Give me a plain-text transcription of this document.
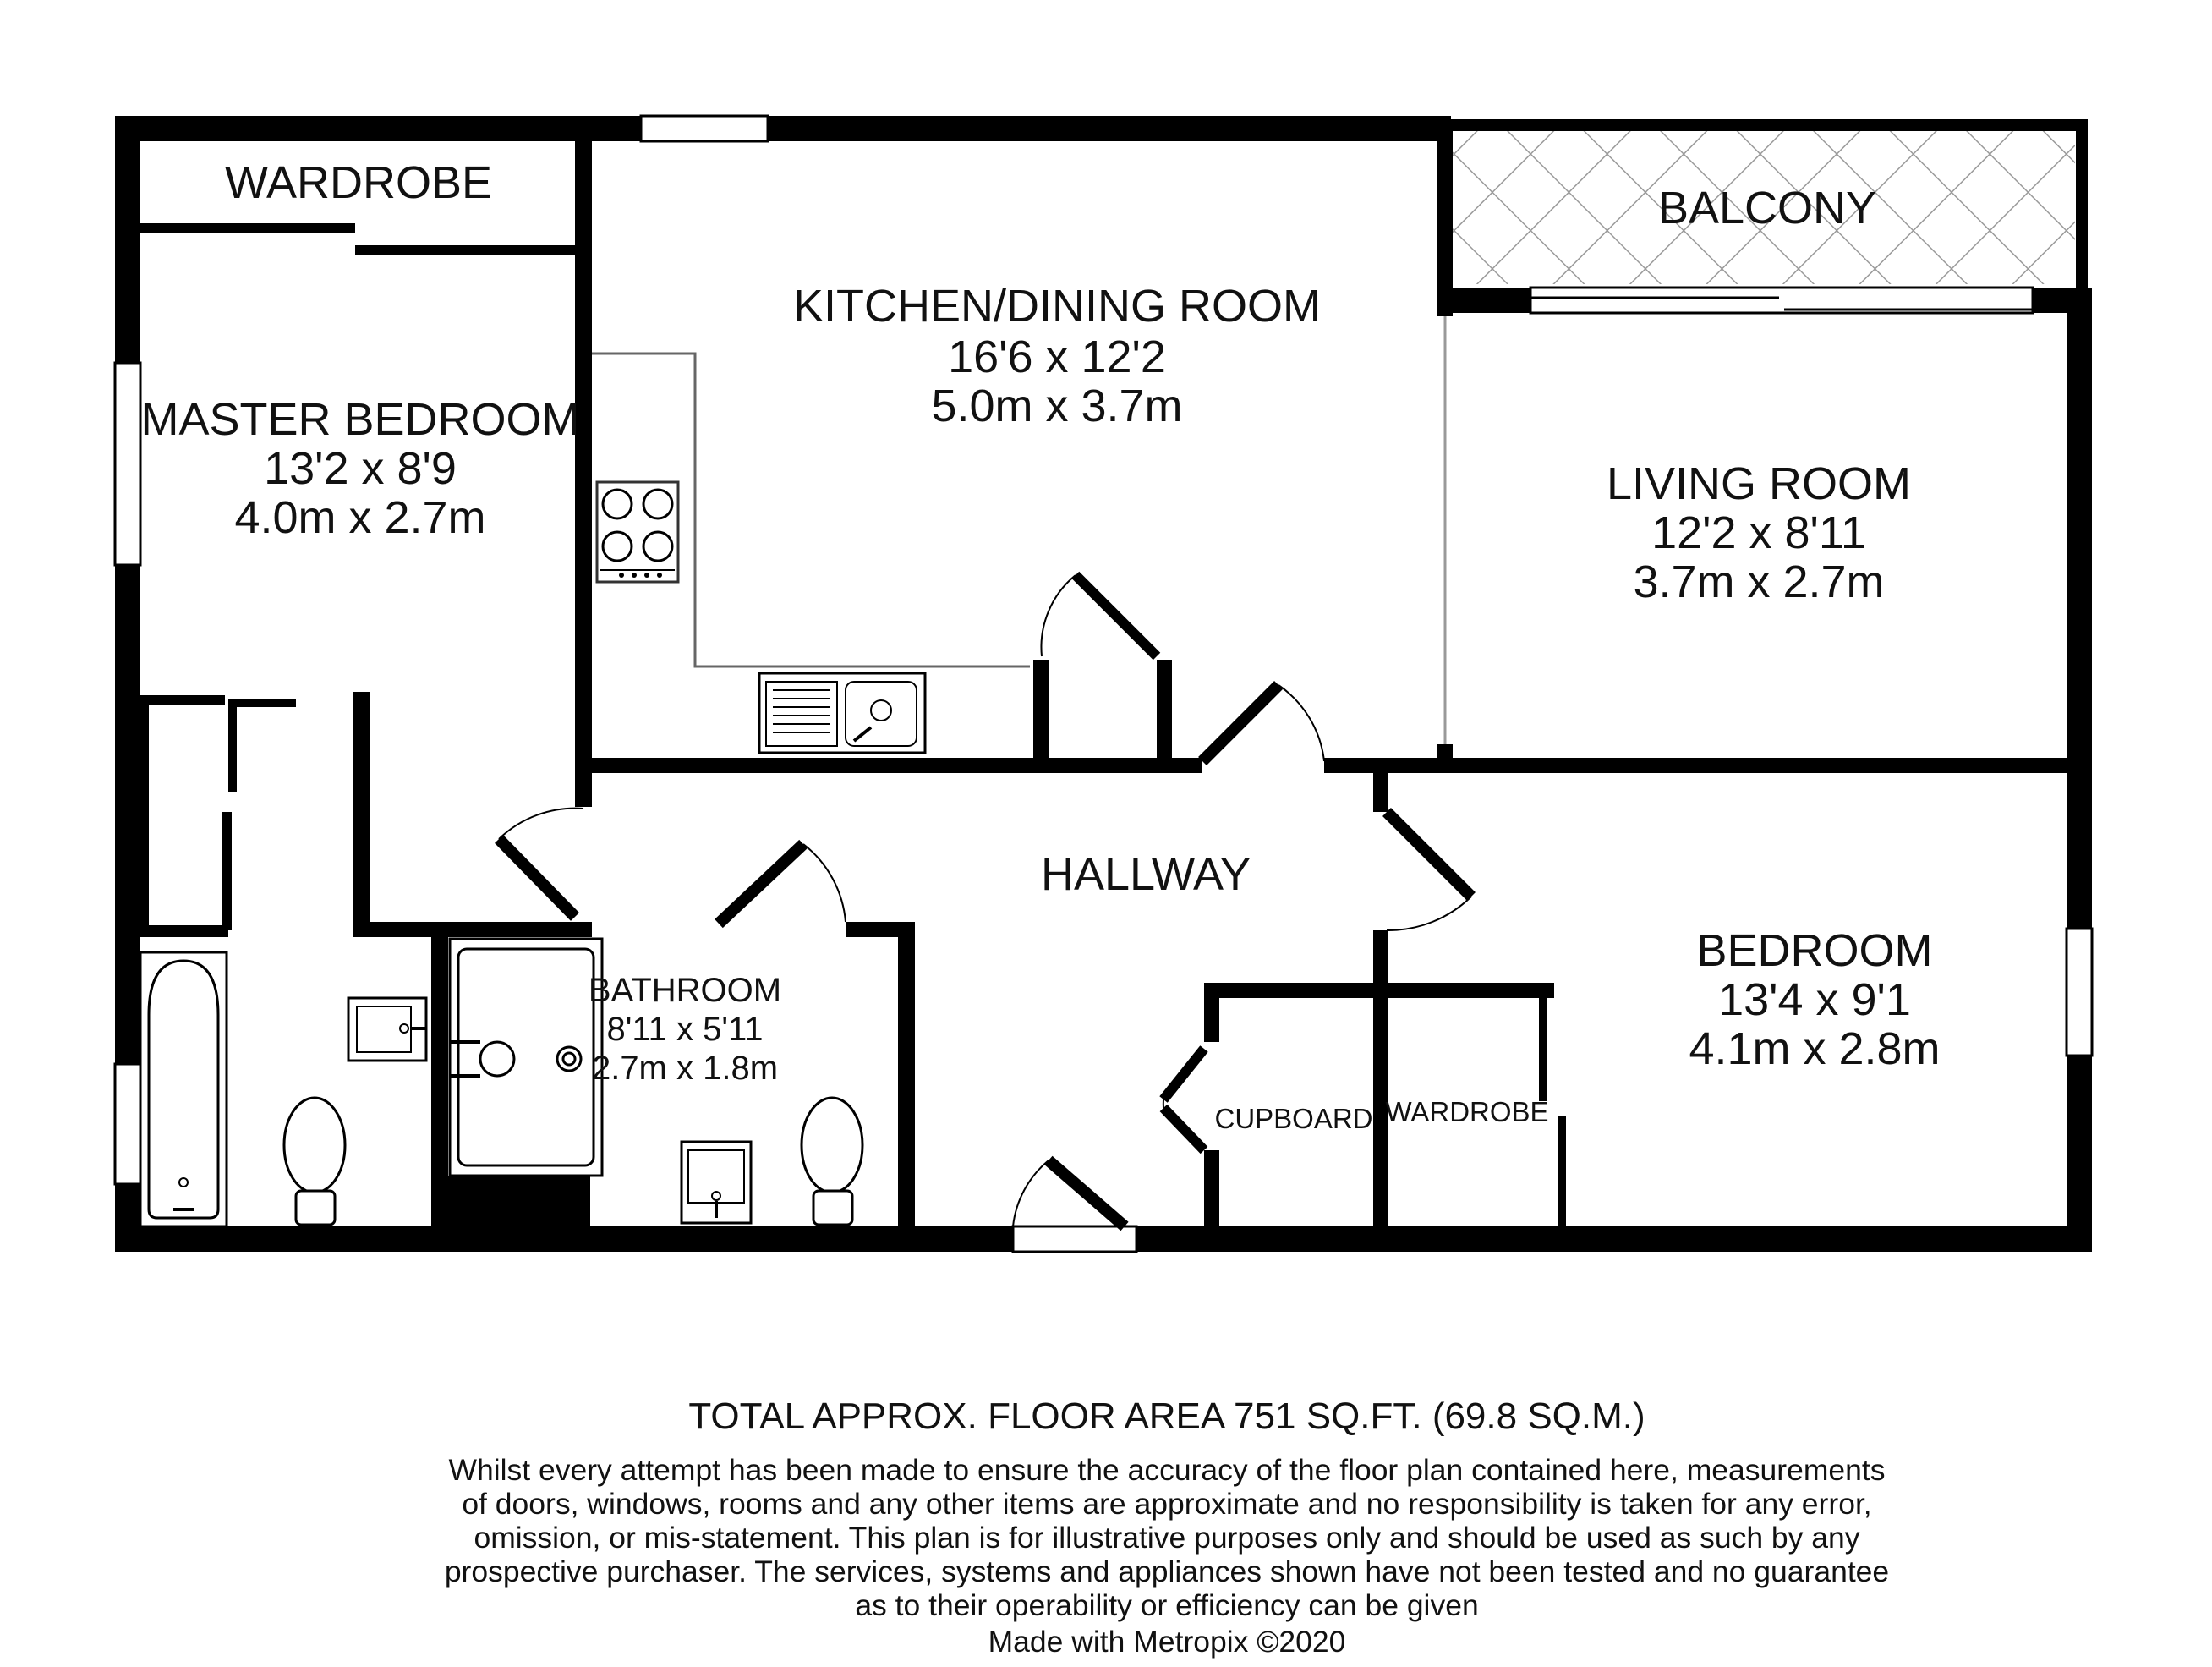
WARDROBE	BALCONY
KITCHEN/DINING ROOM
16'6 x 12'2
5.0m x 3.7m
MASTER BEDROOM
13'2 x 8'9
4.0m x 2.7m
LIVING ROOM
12'2 x 8'11
3.7m x 2.7m
HALLWAY
BEDROOM
13'4 x 9'1
4.1m x 2.8m
BATHROOM
8'11 x 5'11
2.7m x 1.8m
CUPBOARD WARDROBE
TOTAL APPROX. FLOOR AREA 751 SQ.FT. (69.8 SQ.M.)
Whilst every attempt has been made to ensure the accuracy of the floor plan contained here, measurements
of doors, windows, rooms and any other items are approximate and no responsibility is taken for any error,
omission, or mis-statement. This plan is for illustrative purposes only and should be used as such by any
prospective purchaser. The services, systems and appliances shown have not been tested and no guarantee
as to their operability or efficiency can be given
Made with Metropix ©2020
